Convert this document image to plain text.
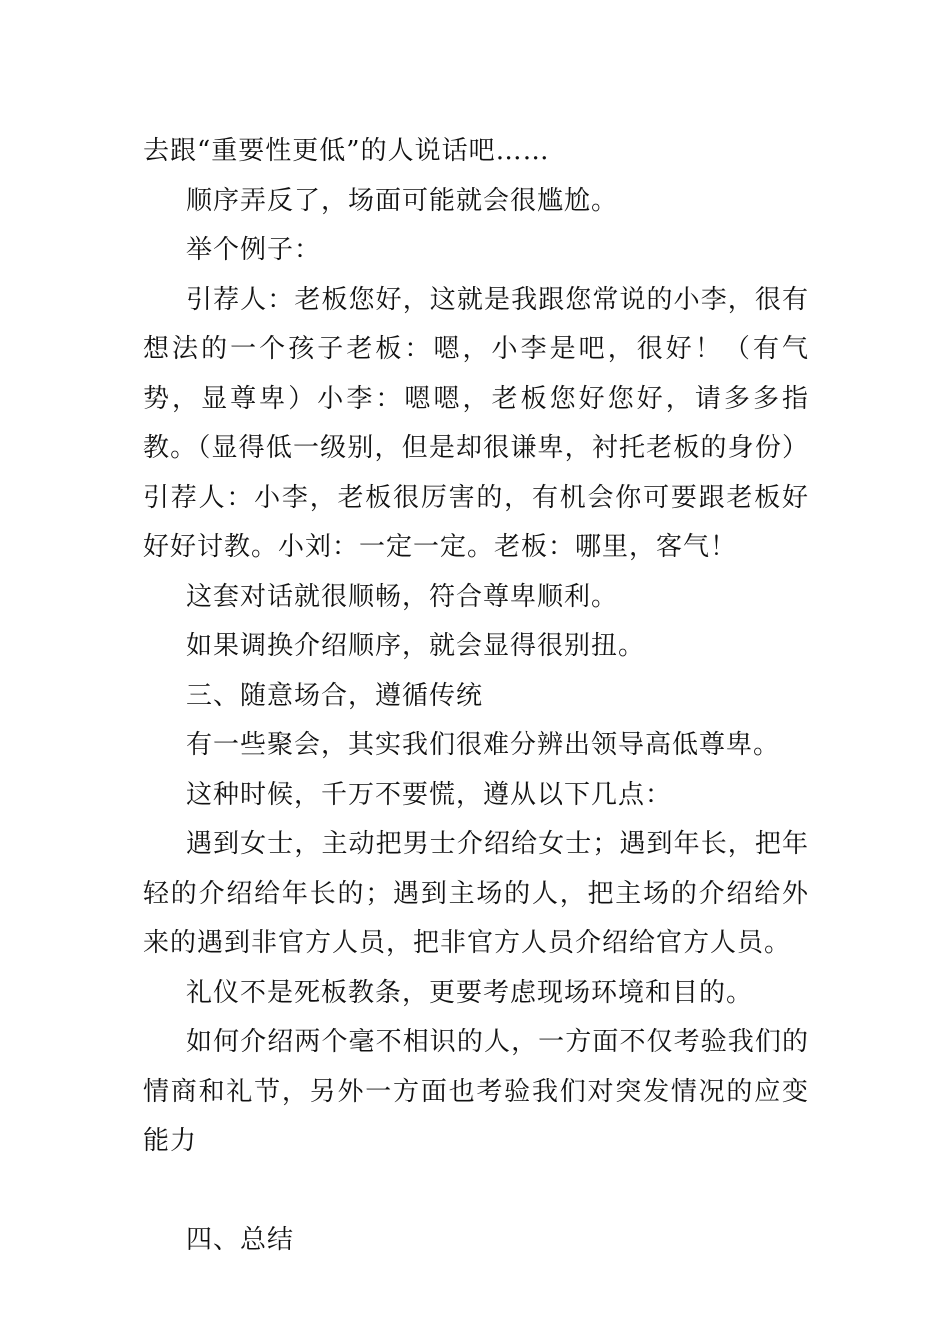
去跟“重要性更低”的人说话吧……

顺序弄反了，场面可能就会很尴尬。

举个例子：

引荐人：老板您好，这就是我跟您常说的小李，很有想法的一个孩子老板：嗯，小李是吧，很好！（有气势，显尊卑）小李：嗯嗯，老板您好您好，请多多指教。（显得低一级别，但是却很谦卑，衬托老板的身份）引荐人：小李，老板很厉害的，有机会你可要跟老板好好好讨教。小刘：一定一定。老板：哪里，客气！

这套对话就很顺畅，符合尊卑顺利。

如果调换介绍顺序，就会显得很别扭。

三、随意场合，遵循传统

有一些聚会，其实我们很难分辨出领导高低尊卑。

这种时候，千万不要慌，遵从以下几点：

遇到女士，主动把男士介绍给女士；遇到年长，把年轻的介绍给年长的；遇到主场的人，把主场的介绍给外来的遇到非官方人员，把非官方人员介绍给官方人员。

礼仪不是死板教条，更要考虑现场环境和目的。

如何介绍两个毫不相识的人，一方面不仅考验我们的情商和礼节，另外一方面也考验我们对突发情况的应变能力

四、总结
